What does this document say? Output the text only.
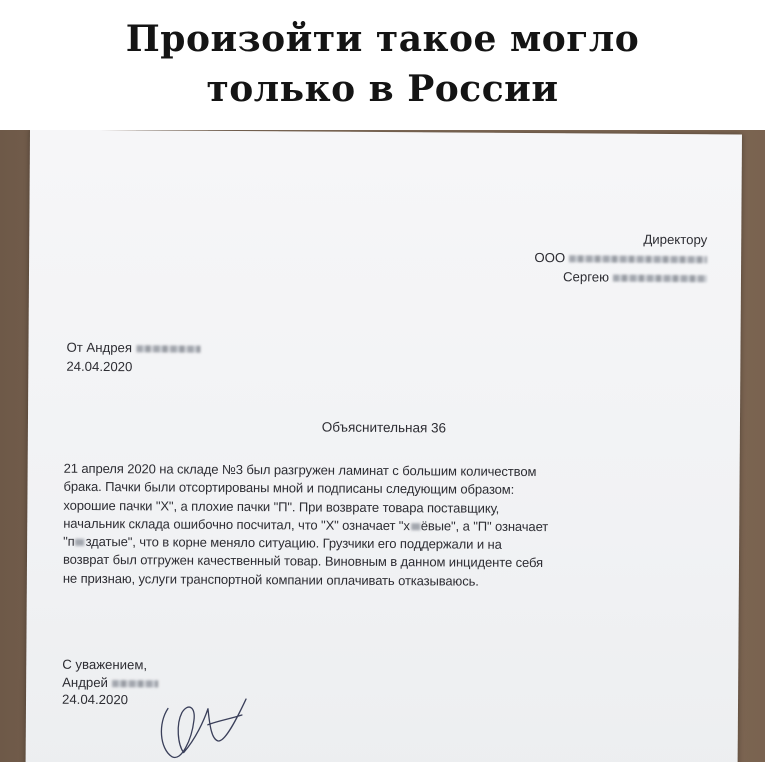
Произойти такое могло
только в России
Директору
ООО
Сергею
От Андрея
24.04.2020
Объяснительная 36
21 апреля 2020 на складе №3 был разгружен ламинат с большим количеством
брака. Пачки были отсортированы мной и подписаны следующим образом:
хорошие пачки "Х", а плохие пачки "П". При возврате товара поставщику,
начальник склада ошибочно посчитал, что "Х" означает "х ёвые", а "П" означает
"п здатые", что в корне меняло ситуацию. Грузчики его поддержали и на
возврат был отгружен качественный товар. Виновным в данном инциденте себя
не признаю, услуги транспортной компании оплачивать отказываюсь.
С уважением,
Андрей
24.04.2020
